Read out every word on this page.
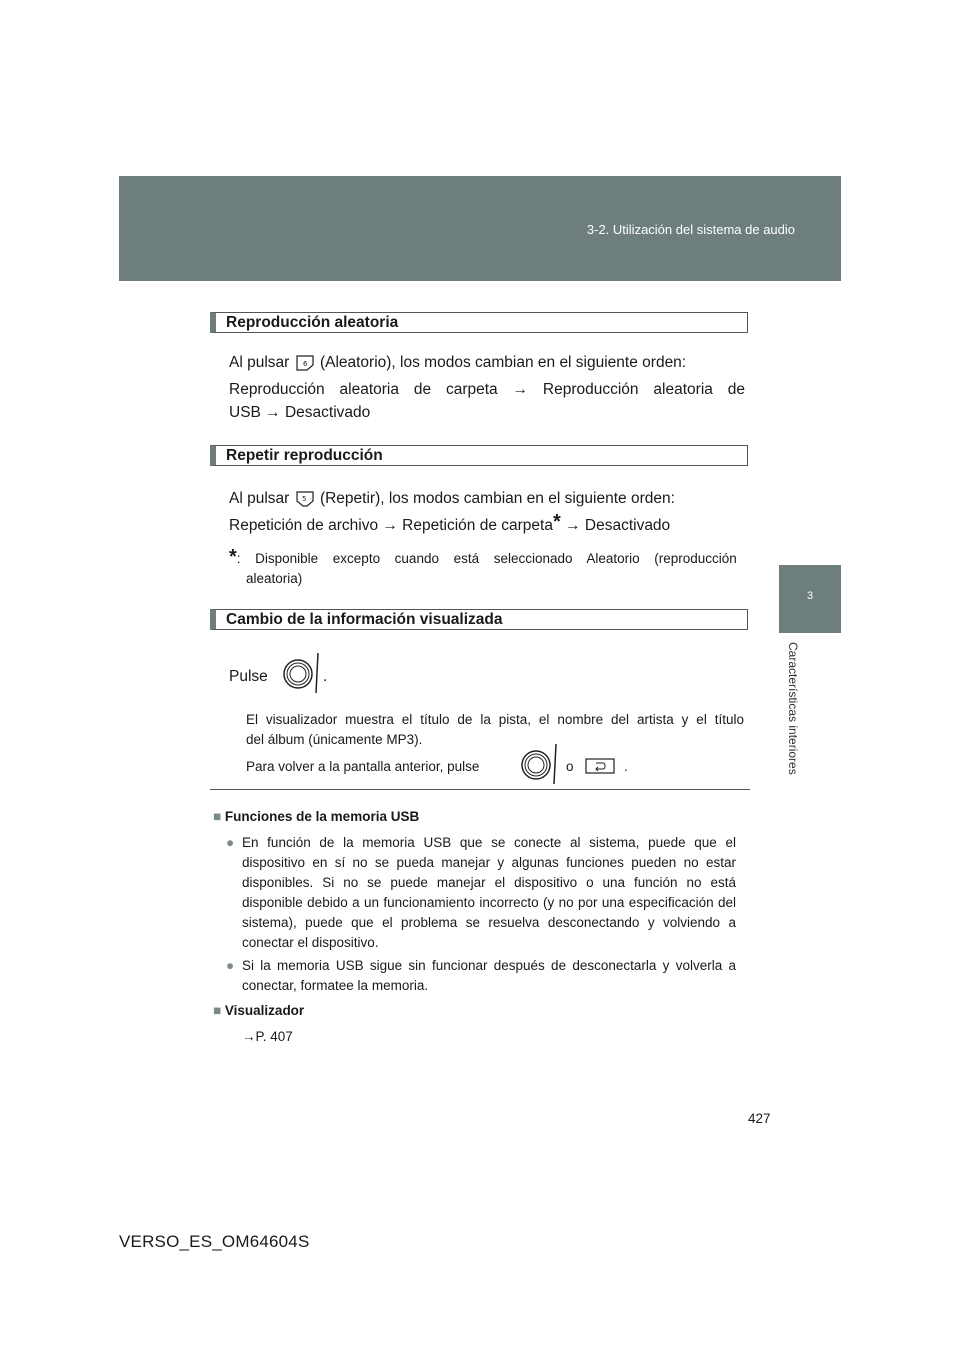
3-2. Utilización del sistema de audio
3
Características interiores
Reproducción aleatoria
Al pulsar 6 (Aleatorio), los modos cambian en el siguiente orden:
Reproducción aleatoria de carpeta → Reproducción aleatoria de
USB → Desactivado
Repetir reproducción
Al pulsar 5 (Repetir), los modos cambian en el siguiente orden:
Repetición de archivo → Repetición de carpeta* → Desactivado
*: Disponible excepto cuando está seleccionado Aleatorio (reproducción
aleatoria)
Cambio de la información visualizada
Pulse	.
El visualizador muestra el título de la pista, el nombre del artista y el título
del álbum (únicamente MP3).
Para volver a la pantalla anterior, pulse	o	.
■ Funciones de la memoria USB
● En función de la memoria USB que se conecte al sistema, puede que el dispositivo en sí no se pueda manejar y algunas funciones pueden no estar disponibles. Si no se puede manejar el dispositivo o una función no está disponible debido a un funcionamiento incorrecto (y no por una especificación del sistema), puede que el problema se resuelva desconectando y volviendo a conectar el dispositivo.
● Si la memoria USB sigue sin funcionar después de desconectarla y volverla a conectar, formatee la memoria.
■ Visualizador
→P. 407
427
VERSO_ES_OM64604S
